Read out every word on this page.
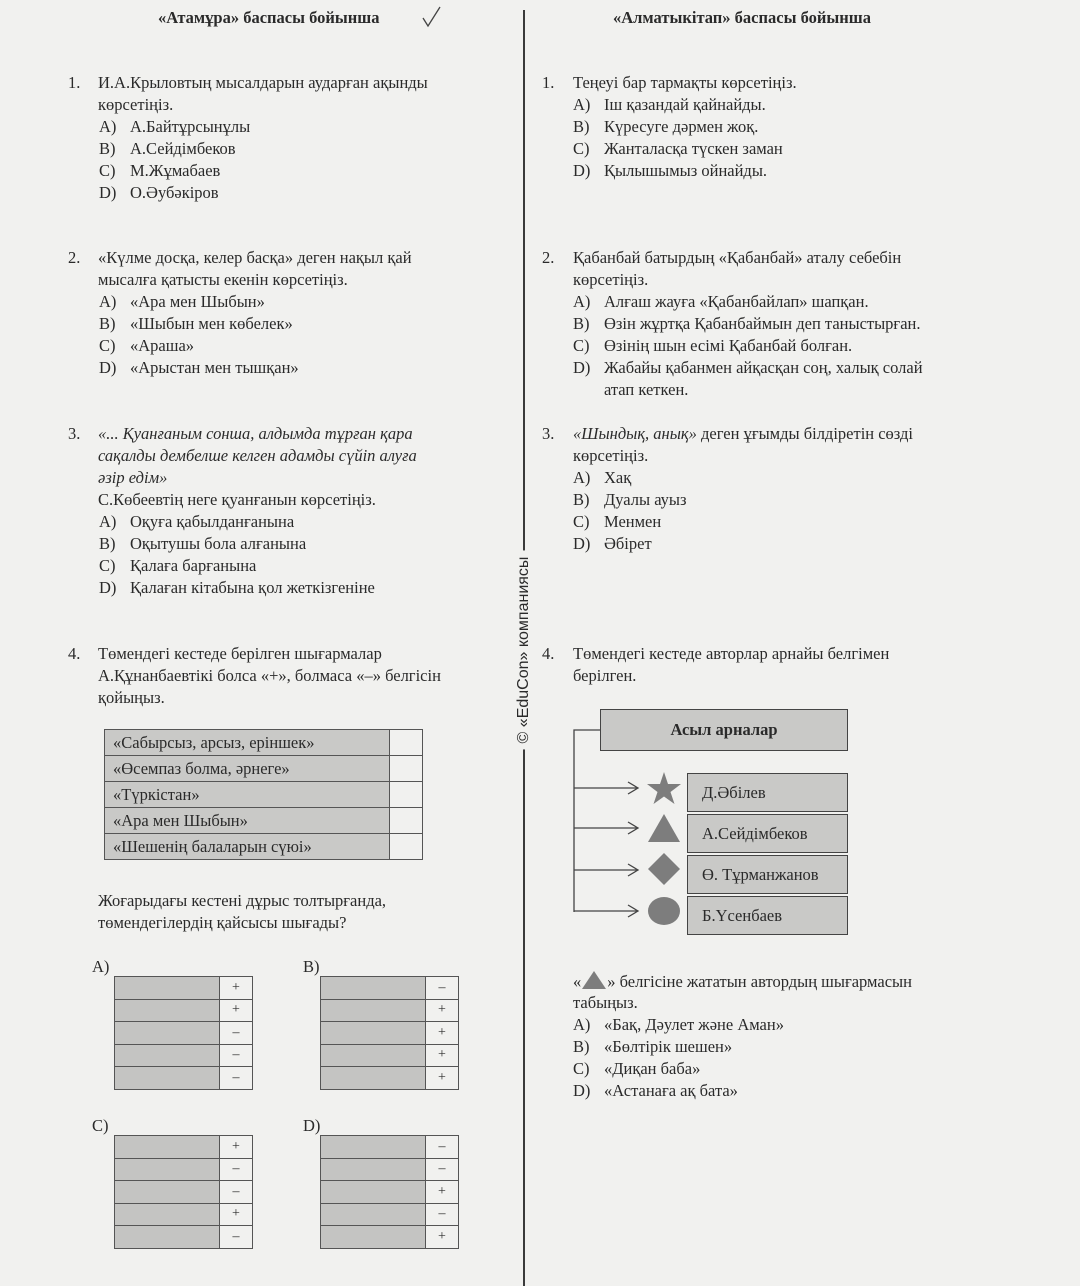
«Атамұра» баспасы бойынша	«Алматыкітап» баспасы бойынша
© «EduCon» компаниясы
1. И.А.Крыловтың мысалдарын аударған ақынды
көрсетіңіз.
A) А.Байтұрсынұлы
B) А.Сейдімбеков
C) М.Жұмабаев
D) О.Әубәкіров
2. «Күлме досқа, келер басқа» деген нақыл қай
мысалға қатысты екенін көрсетіңіз.
A) «Ара мен Шыбын»
B) «Шыбын мен көбелек»
C) «Араша»
D) «Арыстан мен тышқан»
3. «... Қуанғаным сонша, алдымда тұрған қара
сақалды дембелше келген адамды сүйіп алуға
әзір едім»
С.Көбеевтің неге қуанғанын көрсетіңіз.
A) Оқуға қабылданғанына
B) Оқытушы бола алғанына
C) Қалаға барғанына
D) Қалаған кітабына қол жеткізгеніне
4. Төмендегі кестеде берілген шығармалар
А.Құнанбаевтікі болса «+», болмаса «–» белгісін
қойыңыз.
«Сабырсыз, арсыз, еріншек»	
«Өсемпаз болма, әрнеге»	
«Түркістан»	
«Ара мен Шыбын»	
«Шешенің балаларын сүюі»	
Жоғарыдағы кестені дұрыс толтырғанда,
төмендегілердің қайсысы шығады?
A)
	+
	+
	–
	–
	–
B)
	–
	+
	+
	+
	+
C)
	+
	–
	–
	+
	–
D)
	–
	–
	+
	–
	+
1. Теңеуі бар тармақты көрсетіңіз.
A) Іш қазандай қайнайды.
B) Күресуге дәрмен жоқ.
C) Жанталасқа түскен заман
D) Қылышымыз ойнайды.
2. Қабанбай батырдың «Қабанбай» аталу себебін
көрсетіңіз.
A) Алғаш жауға «Қабанбайлап» шапқан.
B) Өзін жұртқа Қабанбаймын деп таныстырған.
C) Өзінің шын есімі Қабанбай болған.
D) Жабайы қабанмен айқасқан соң, халық солай
атап кеткен.
3. «Шындық, анық» деген ұғымды білдіретін сөзді
көрсетіңіз.
A) Хақ
B) Дуалы ауыз
C) Менмен
D) Әбірет
4. Төмендегі кестеде авторлар арнайы белгімен
берілген.
Асыл арналар
Д.Әбілев
А.Сейдімбеков
Ө. Тұрманжанов
Б.Үсенбаев
« » белгісіне жататын автордың шығармасын
табыңыз.
A) «Бақ, Дәулет және Аман»
B) «Бөлтірік шешен»
C) «Диқан баба»
D) «Астанаға ақ бата»
